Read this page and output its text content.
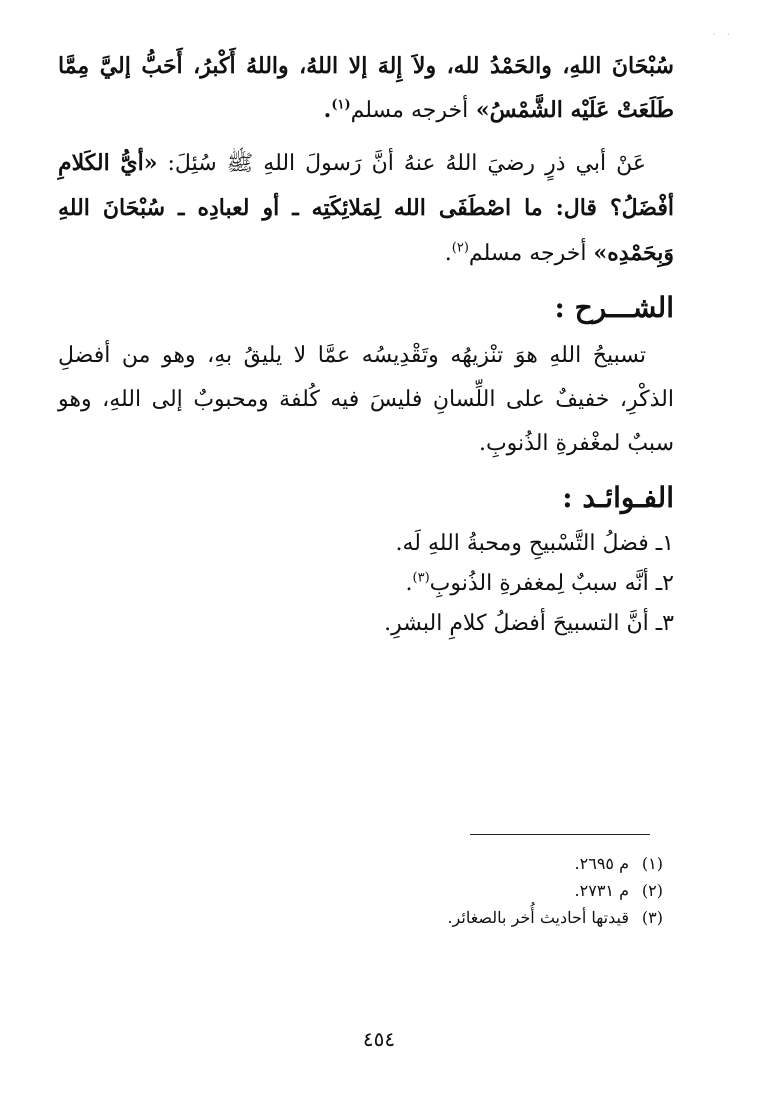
· ·

سُبْحَانَ اللهِ، والحَمْدُ لله، ولاَ إِلهَ إلا اللهُ، واللهُ أَكْبرُ، أَحَبُّ إليَّ مِمَّا طَلَعَتْ عَلَيْه الشَّمْسُ» أخرجه مسلم$^{(١)}$.

عَنْ أبي ذرٍ رضيَ اللهُ عنهُ أنَّ رَسولَ اللهِ ﷺ سُئِلَ: «أيُّ الكَلامِ أفْضَلُ؟ قال: ما اصْطَفَى الله لِمَلائِكَتِه ـ أو لعبادِه ـ سُبْحَانَ اللهِ وَبِحَمْدِه» أخرجه مسلم$^{(٢)}$.

الشـــرح :

تسبيحُ اللهِ هوَ تنْزيهُه وتَقْدِيسُه عمَّا لا يليقُ بهِ، وهو من أفضلِ الذكْرِ، خفيفٌ على اللِّسانِ فليسَ فيه كُلفة ومحبوبٌ إلى اللهِ، وهو سببٌ لمغْفرةِ الذُنوبِ.

الفـوائـد :

١ـ فضلُ التَّسْبيحِ ومحبةُ اللهِ لَه.

٢ـ أنَّه سببٌ لِمغفرةِ الذُنوبِ$^{(٣)}$.

٣ـ أنَّ التسبيحَ أفضلُ كلامِ البشرِ.

(١)م ٢٦٩٥.

(٢)م ٢٧٣١.

(٣)قيدتها أحاديث أُخر بالصغائر.

٤٥٤
